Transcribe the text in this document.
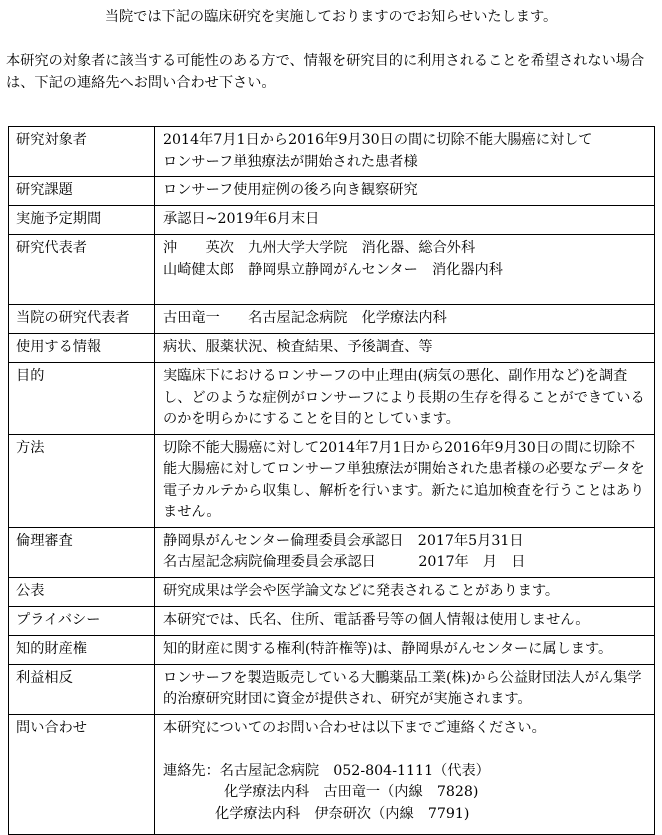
当院では下記の臨床研究を実施しておりますのでお知らせいたします。
本研究の対象者に該当する可能性のある方で、情報を研究目的に利用されることを希望されない場合は、下記の連絡先へお問い合わせ下さい。
研究対象者	2014年7月1日から2016年9月30日の間に切除不能大腸癌に対して
ロンサーフ単独療法が開始された患者様

研究課題	ロンサーフ使用症例の後ろ向き観察研究

実施予定期間	承認日~2019年6月末日

研究代表者	沖　　英次　九州大学大学院　消化器、総合外科
山崎健太郎　静岡県立静岡がんセンター　消化器内科

当院の研究代表者	古田竜一　　名古屋記念病院　化学療法内科

使用する情報	病状、服薬状況、検査結果、予後調査、等

目的	実臨床下におけるロンサーフの中止理由(病気の悪化、副作用など)を調査し、どのような症例がロンサーフにより長期の生存を得ることができているのかを明らかにすることを目的としています。

方法	切除不能大腸癌に対して2014年7月1日から2016年9月30日の間に切除不能大腸癌に対してロンサーフ単独療法が開始された患者様の必要なデータを電子カルテから収集し、解析を行います。新たに追加検査を行うことはありません。

倫理審査	静岡県がんセンター倫理委員会承認日　2017年5月31日
名古屋記念病院倫理委員会承認日　　　2017年　月　日

公表	研究成果は学会や医学論文などに発表されることがあります。

プライバシー	本研究では、氏名、住所、電話番号等の個人情報は使用しません。

知的財産権	知的財産に関する権利(特許権等)は、静岡県がんセンターに属します。

利益相反	ロンサーフを製造販売している大鵬薬品工業(株)から公益財団法人がん集学的治療研究財団に資金が提供され、研究が実施されます。

問い合わせ	本研究についてのお問い合わせは以下までご連絡ください。
連絡先：名古屋記念病院　052-804-1111（代表）
化学療法内科　古田竜一（内線　7828)
化学療法内科　伊奈研次（内線　7791)
